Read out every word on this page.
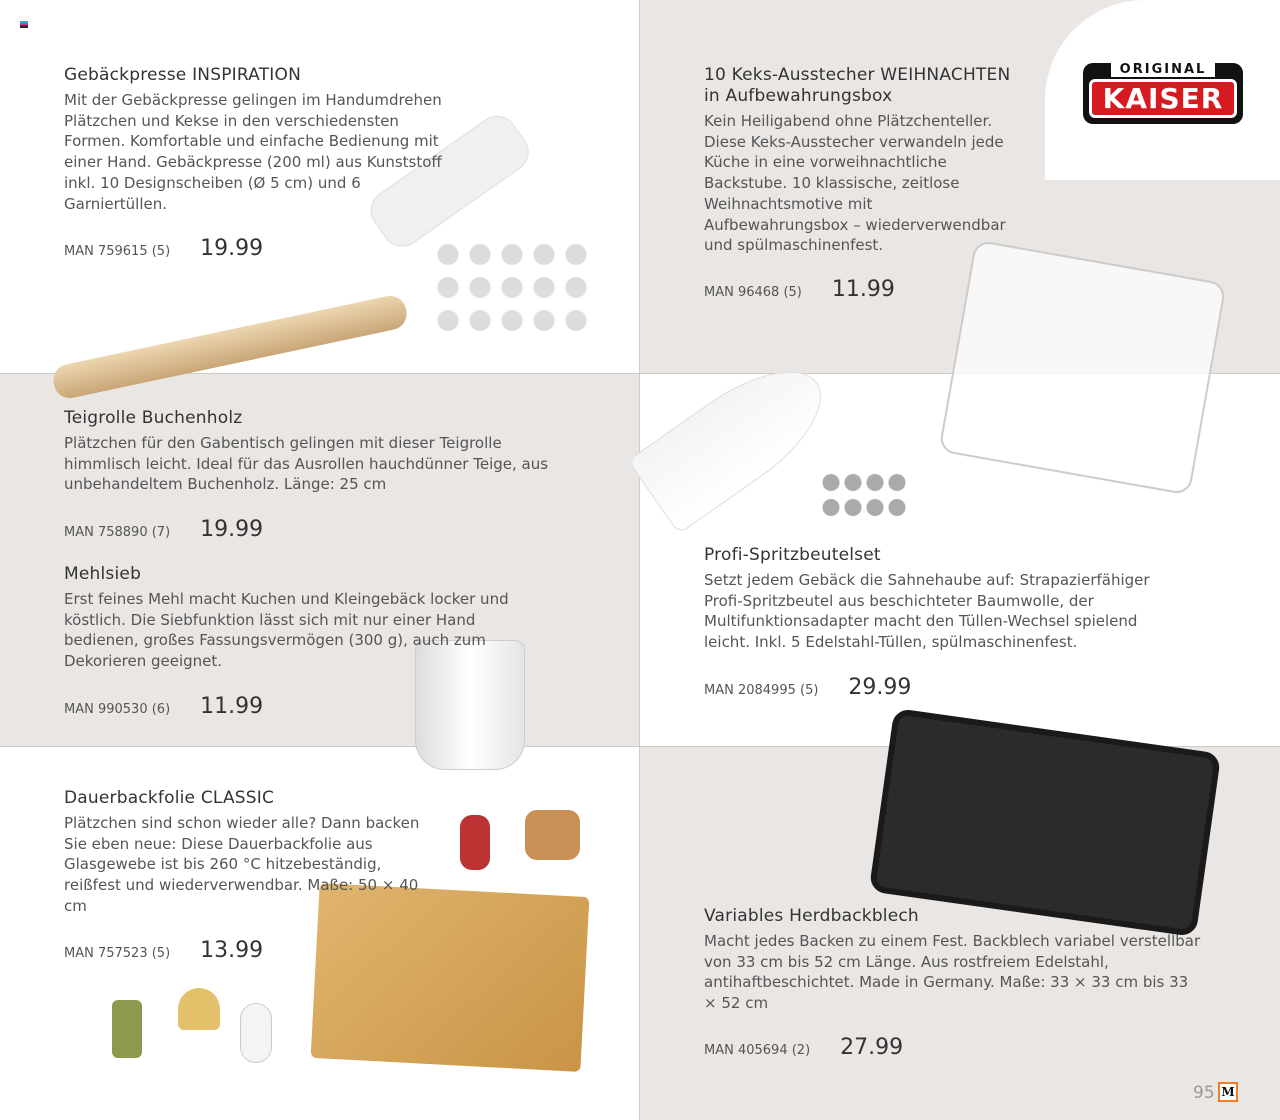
ORIGINAL
KAISER
Gebäckpresse INSPIRATION
Mit der Gebäckpresse gelingen im Handumdrehen Plätzchen und Kekse in den verschiedensten Formen. Komfortable und einfache Bedienung mit einer Hand. Gebäckpresse (200 ml) aus Kunststoff inkl. 10 Designscheiben (Ø 5 cm) und 6 Garniertüllen.
MAN 759615 (5) 19.99
Teigrolle Buchenholz
Plätzchen für den Gabentisch gelingen mit dieser Teigrolle himmlisch leicht. Ideal für das Ausrollen hauchdünner Teige, aus unbehandeltem Buchenholz. Länge: 25 cm
MAN 758890 (7) 19.99
Mehlsieb
Erst feines Mehl macht Kuchen und Kleingebäck locker und köstlich. Die Siebfunktion lässt sich mit nur einer Hand bedienen, großes Fassungsvermögen (300 g), auch zum Dekorieren geeignet.
MAN 990530 (6) 11.99
Dauerbackfolie CLASSIC
Plätzchen sind schon wieder alle? Dann backen Sie eben neue: Diese Dauerbackfolie aus Glasgewebe ist bis 260 °C hitzebeständig, reißfest und wiederverwendbar. Maße: 50 × 40 cm
MAN 757523 (5) 13.99
10 Keks-Ausstecher WEIHNACHTEN in Aufbewahrungsbox
Kein Heiligabend ohne Plätzchenteller. Diese Keks-Ausstecher verwandeln jede Küche in eine vorweihnachtliche Backstube. 10 klassische, zeitlose Weihnachtsmotive mit Aufbewahrungsbox – wiederverwendbar und spülmaschinenfest.
MAN 96468 (5) 11.99
Profi-Spritzbeutelset
Setzt jedem Gebäck die Sahnehaube auf: Strapazierfähiger Profi-Spritzbeutel aus beschichteter Baumwolle, der Multifunktionsadapter macht den Tüllen-Wechsel spielend leicht. Inkl. 5 Edelstahl-Tüllen, spülmaschinenfest.
MAN 2084995 (5) 29.99
Variables Herdbackblech
Macht jedes Backen zu einem Fest. Backblech variabel verstellbar von 33 cm bis 52 cm Länge. Aus rostfreiem Edelstahl, antihaftbeschichtet. Made in Germany. Maße: 33 × 33 cm bis 33 × 52 cm
MAN 405694 (2) 27.99
95 M
